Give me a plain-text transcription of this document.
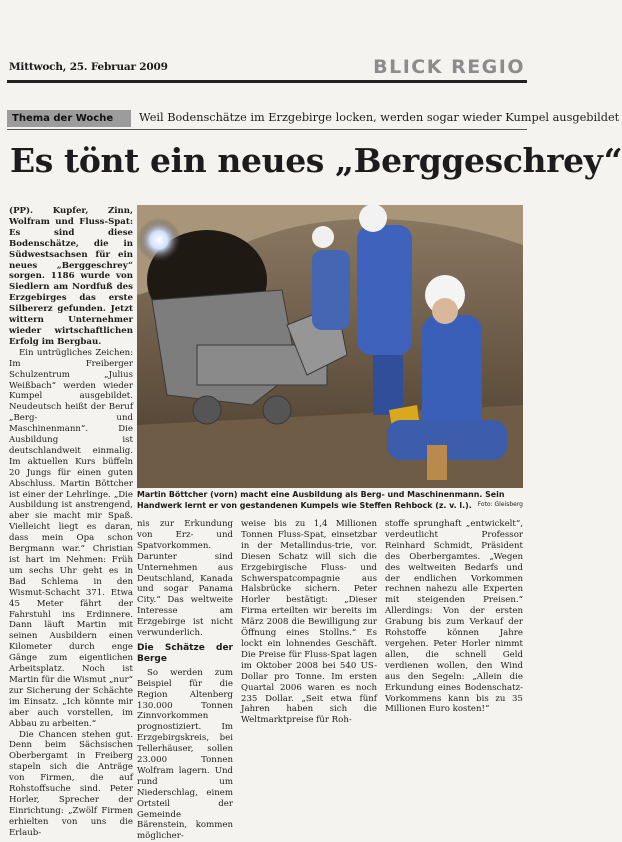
Mittwoch, 25. Februar 2009	BLICK REGIO
Thema der Woche	Weil Bodenschätze im Erzgebirge locken, werden sogar wieder Kumpel ausgebildet
Es tönt ein neues „Berggeschrey“

(PP). Kupfer, Zinn, Wolfram und Fluss-Spat: Es sind diese Bodenschätze, die in Südwestsachsen für ein neues „Berggeschrey“ sorgen. 1186 wurde von Siedlern am Nordfuß des Erzgebirges das erste Silbererz gefunden. Jetzt wittern Unternehmer wieder wirtschaftlichen Erfolg im Bergbau.

Ein untrügliches Zeichen: Im Freiberger Schulzentrum „Julius Weißbach“ werden wieder Kumpel ausgebildet. Neudeutsch heißt der Beruf „Berg- und Maschinenmann“. Die Ausbildung ist deutschlandweit einmalig. Im aktuellen Kurs büffeln 20 Jungs für einen guten Abschluss. Martin Böttcher ist einer der Lehrlinge. „Die Ausbildung ist anstrengend, aber sie macht mir Spaß. Vielleicht liegt es daran, dass mein Opa schon Bergmann war.“ Christian ist hart im Nehmen: Früh um sechs Uhr geht es in Bad Schlema in den Wismut-Schacht 371. Etwa 45 Meter fährt der Fahrstuhl ins Erdinnere. Dann läuft Martin mit seinen Ausbildern einen Kilometer durch enge Gänge zum eigentlichen Arbeitsplatz. Noch ist Martin für die Wismut „nur“ zur Sicherung der Schächte im Einsatz. „Ich könnte mir aber auch vorstellen, im Abbau zu arbeiten.“

Die Chancen stehen gut. Denn beim Sächsischen Oberbergamt in Freiberg stapeln sich die Anträge von Firmen, die auf Rohstoffsuche sind. Peter Horler, Sprecher der Einrichtung: „Zwölf Firmen erhielten von uns die Erlaub-

Martin Böttcher (vorn) macht eine Ausbildung als Berg- und Maschinenmann. Sein Handwerk lernt er von gestandenen Kumpels wie Steffen Rehbock (z. v. l.). Foto: Gleisberg

nis zur Erkundung von Erz- und Spatvorkommen. Darunter sind Unternehmen aus Deutschland, Kanada und sogar Panama City.“ Das weltweite Interesse am Erzgebirge ist nicht verwunderlich.

Die Schätze der Berge

So werden zum Beispiel für die Region Altenberg 130.000 Tonnen Zinnvorkommen prognostiziert. Im Erzgebirgskreis, bei Tellerhäuser, sollen 23.000 Tonnen Wolfram lagern. Und rund um Niederschlag, einem Ortsteil der Gemeinde Bärenstein, kommen möglicher-

weise bis zu 1,4 Millionen Tonnen Fluss-Spat, einsetzbar in der Metallindus-trie, vor. Diesen Schatz will sich die Erzgebirgische Fluss- und Schwerspatcompagnie aus Halsbrücke sichern. Peter Horler bestätigt: „Dieser Firma erteilten wir bereits im März 2008 die Bewilligung zur Öffnung eines Stollns.“ Es lockt ein lohnendes Geschäft. Die Preise für Fluss-Spat lagen im Oktober 2008 bei 540 US-Dollar pro Tonne. Im ersten Quartal 2006 waren es noch 235 Dollar. „Seit etwa fünf Jahren haben sich die Weltmarktpreise für Roh-

stoffe sprunghaft „entwickelt“, verdeutlicht Professor Reinhard Schmidt, Präsident des Oberbergamtes. „Wegen des weltweiten Bedarfs und der endlichen Vorkommen rechnen nahezu alle Experten mit steigenden Preisen.“ Allerdings: Von der ersten Grabung bis zum Verkauf der Rohstoffe können Jahre vergehen. Peter Horler nimmt allen, die schnell Geld verdienen wollen, den Wind aus den Segeln: „Allein die Erkundung eines Bodenschatz-Vorkommens kann bis zu 35 Millionen Euro kosten!“
